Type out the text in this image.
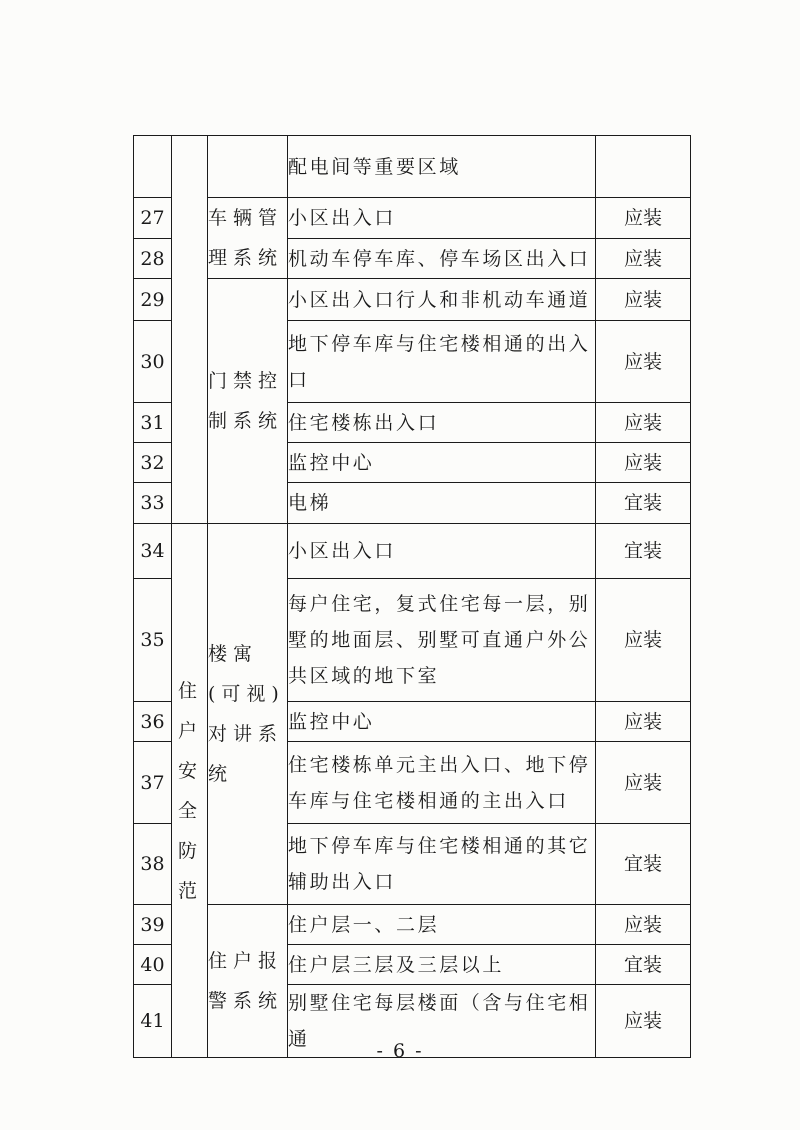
			配电间等重要区域	
27		车辆管理系统	小区出入口	应装
28			机动车停车库、停车场区出入口	应装
29		门禁控制系统	小区出入口行人和非机动车通道	应装
30			地下停车库与住宅楼相通的出入口	应装
31			住宅楼栋出入口	应装
32			监控中心	应装
33			电梯	宜装
34	住户安全防范	楼寓(可视)对讲系统	小区出入口	宜装
35			每户住宅，复式住宅每一层，别墅的地面层、别墅可直通户外公共区域的地下室	应装
36			监控中心	应装
37			住宅楼栋单元主出入口、地下停车库与住宅楼相通的主出入口	应装
38			地下停车库与住宅楼相通的其它辅助出入口	宜装
39		住户报警系统	住户层一、二层	应装
40			住户层三层及三层以上	宜装
41			别墅住宅每层楼面（含与住宅相通	应装
- 6 -
